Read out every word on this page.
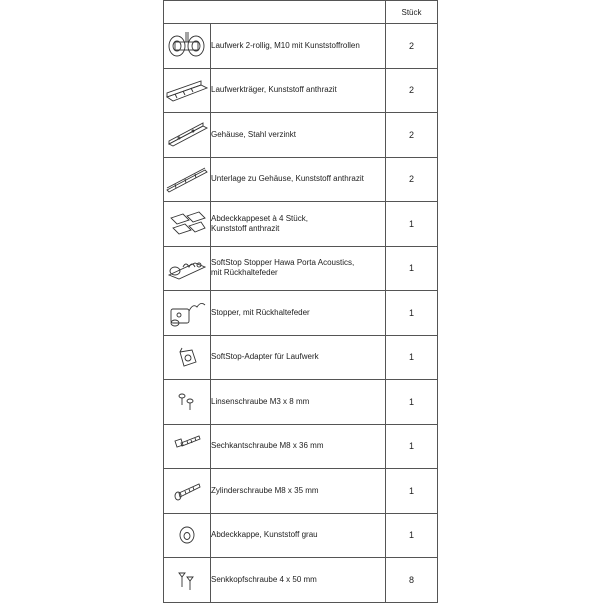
		Stück

	Laufwerk 2-rollig, M10 mit Kunststoffrollen	2

	Laufwerkträger, Kunststoff anthrazit	2

	Gehäuse, Stahl verzinkt	2

	Unterlage zu Gehäuse, Kunststoff anthrazit	2

	Abdeckkappeset à 4 Stück,
Kunststoff anthrazit	1

	SoftStop Stopper Hawa Porta Acoustics,
mit Rückhaltefeder	1

	Stopper, mit Rückhaltefeder	1

	SoftStop-Adapter für Laufwerk	1

	Linsenschraube M3 x 8 mm	1

	Sechkantschraube M8 x 36 mm	1

	Zylinderschraube M8 x 35 mm	1

	Abdeckkappe, Kunststoff grau	1

	Senkkopfschraube 4 x 50 mm	8
